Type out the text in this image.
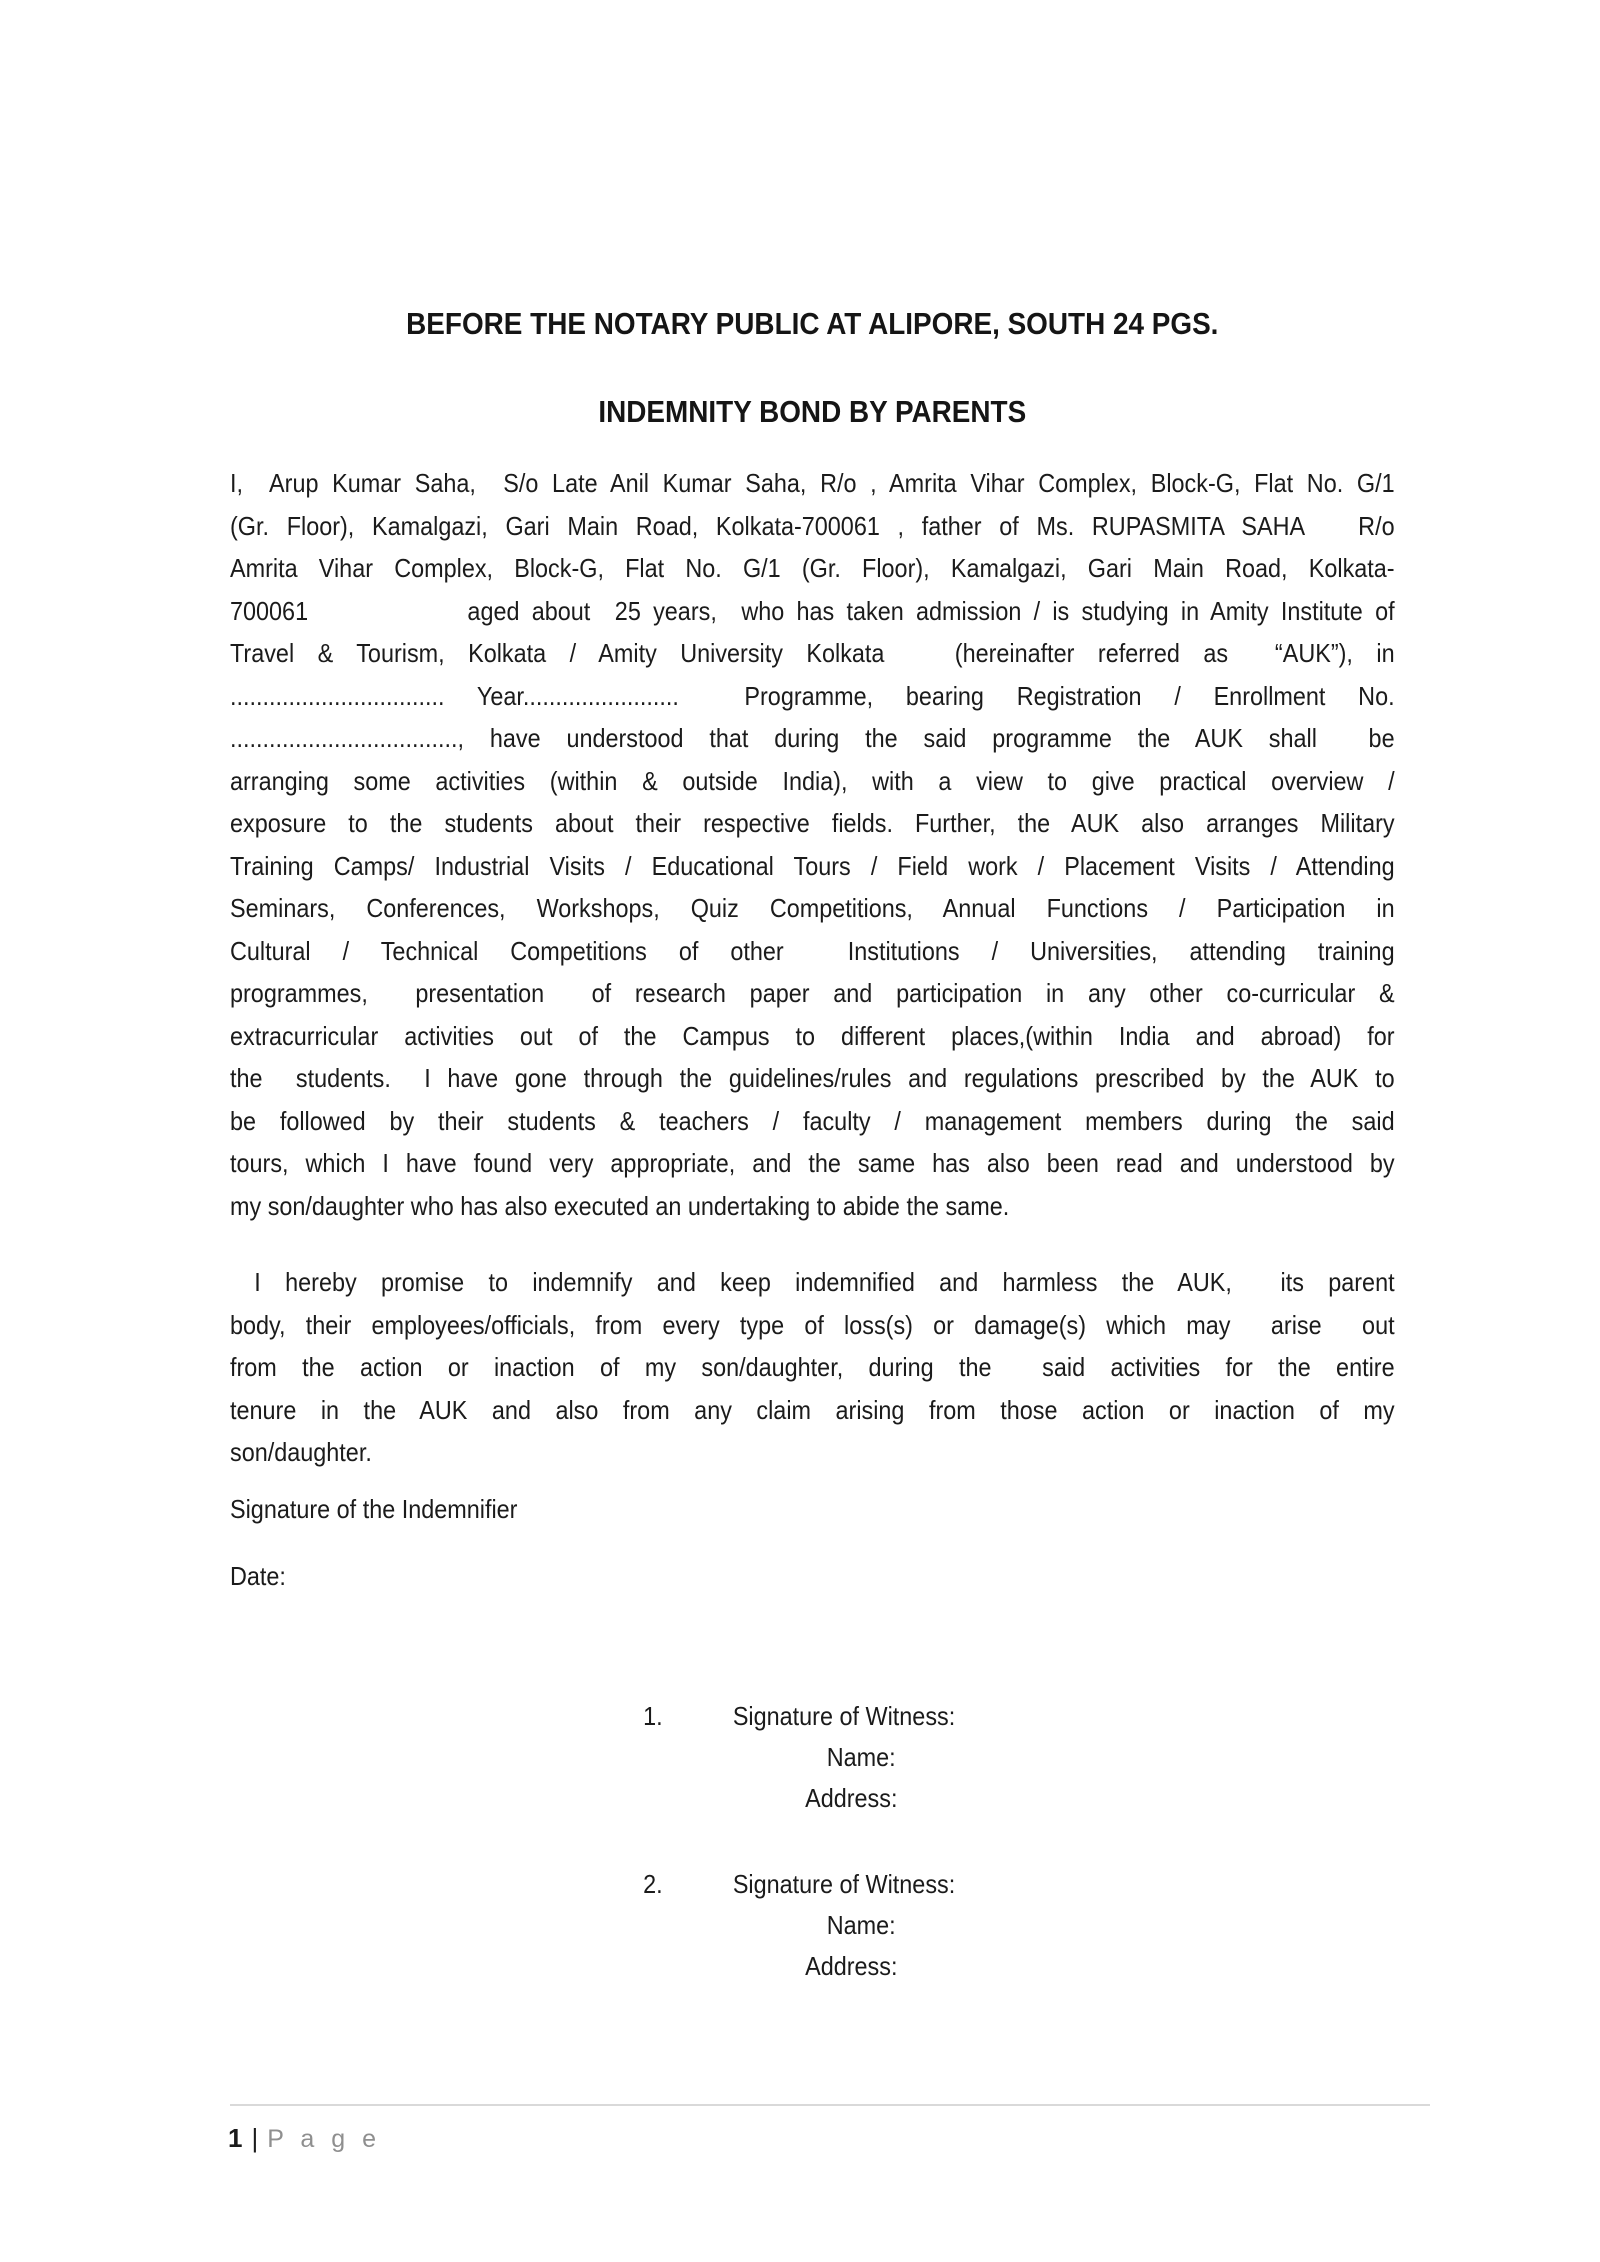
BEFORE THE NOTARY PUBLIC AT ALIPORE, SOUTH 24 PGS.
INDEMNITY BOND BY PARENTS
I,  Arup Kumar Saha,  S/o Late Anil Kumar Saha, R/o , Amrita Vihar Complex, Block-G, Flat No. G/1
(Gr. Floor), Kamalgazi, Gari Main Road, Kolkata-700061 , father of Ms. RUPASMITA SAHA   R/o
Amrita Vihar Complex, Block-G, Flat No. G/1 (Gr. Floor), Kamalgazi, Gari Main Road, Kolkata-
700061             aged about  25 years,  who has taken admission / is studying in Amity Institute of
Travel & Tourism, Kolkata / Amity University Kolkata   (hereinafter referred as  “AUK”), in
................................. Year........................  Programme, bearing Registration / Enrollment No.
..................................., have understood that during the said programme the AUK shall  be
arranging some activities (within & outside India), with a view to give practical overview /
exposure to the students about their respective fields. Further, the AUK also arranges Military
Training Camps/ Industrial Visits / Educational Tours / Field work / Placement Visits / Attending
Seminars, Conferences, Workshops, Quiz Competitions, Annual Functions / Participation in
Cultural / Technical Competitions of other  Institutions / Universities, attending training
programmes,  presentation  of research paper and participation in any other co-curricular &
extracurricular activities out of the Campus to different places,(within India and abroad) for
the  students.  I have gone through the guidelines/rules and regulations prescribed by the AUK to
be followed by their students & teachers / faculty / management members during the said
tours, which I have found very appropriate, and the same has also been read and understood by
my son/daughter who has also executed an undertaking to abide the same.
I hereby promise to indemnify and keep indemnified and harmless the AUK,  its parent
body, their employees/officials, from every type of loss(s) or damage(s) which may  arise  out
from the action or inaction of my son/daughter, during the  said activities for the entire
tenure in the AUK and also from any claim arising from those action or inaction of my
son/daughter.
Signature of the Indemnifier
Date:
1.	Signature of Witness:
Name:
Address:
2.	Signature of Witness:
Name:
Address:
1 | P a g e
